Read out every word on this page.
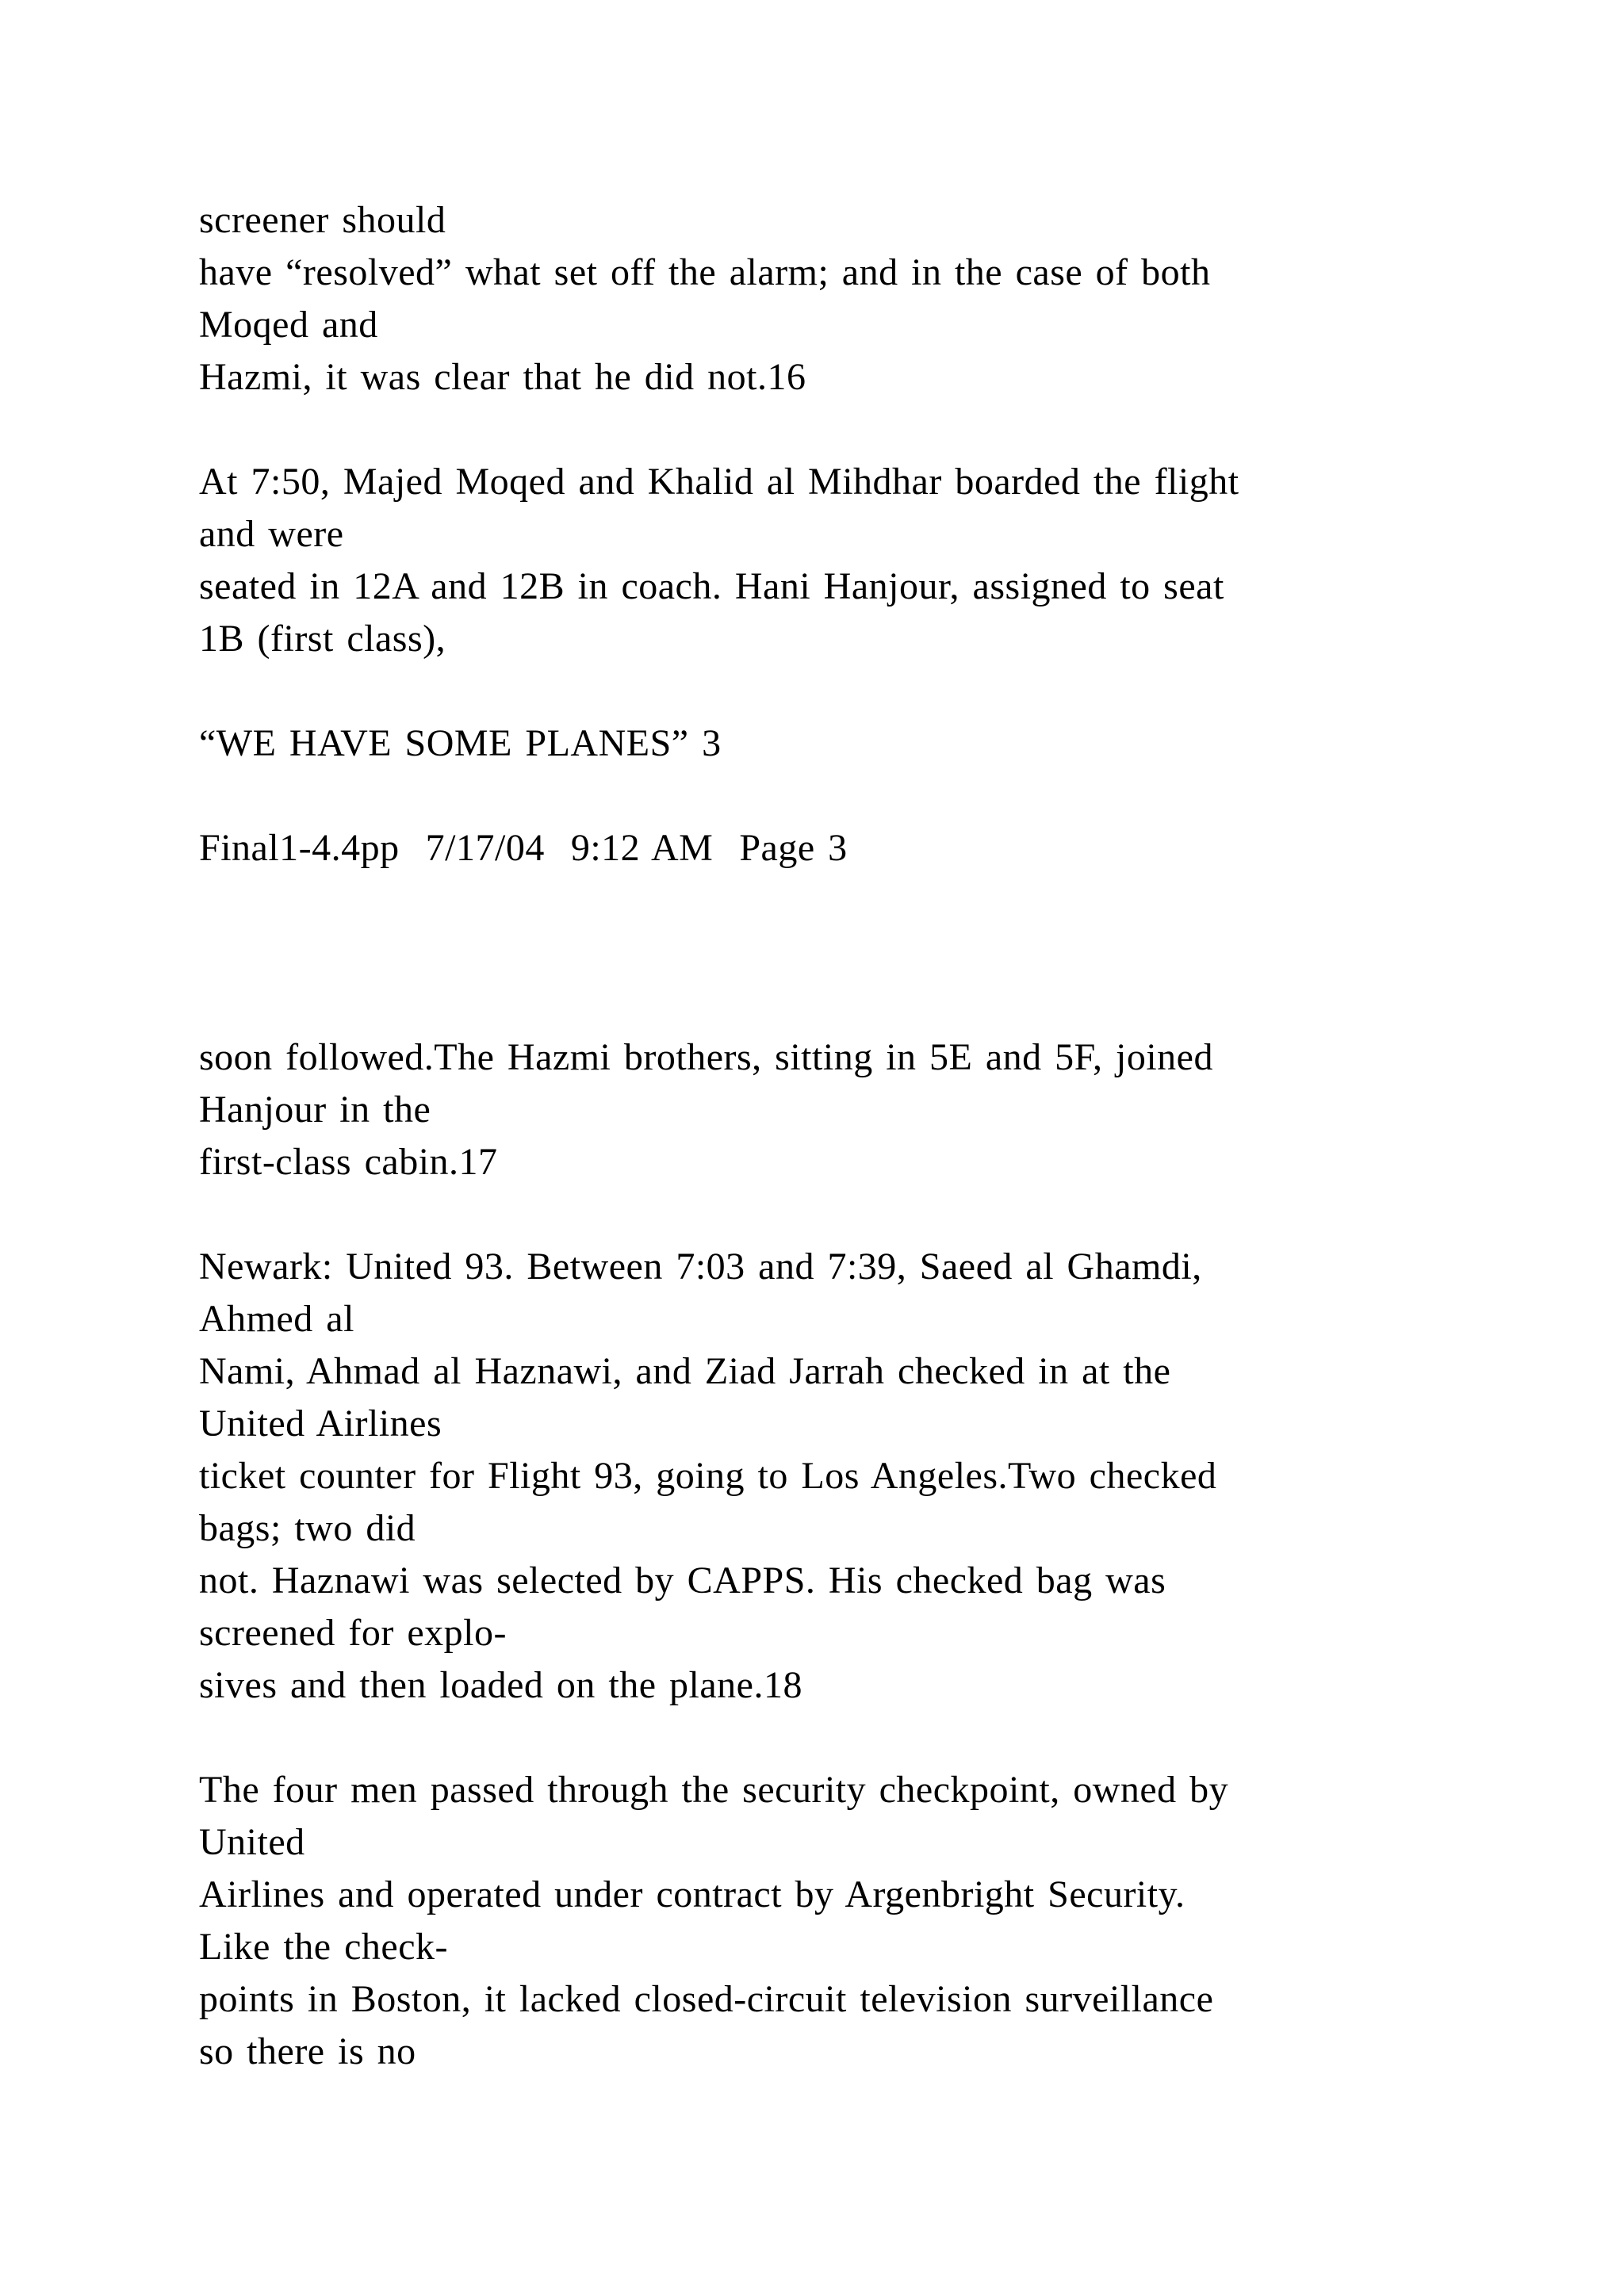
screener should

have “resolved” what set off the alarm; and in the case of both

Moqed and

Hazmi, it was clear that he did not.16

At 7:50, Majed Moqed and Khalid al Mihdhar boarded the flight

and were

seated in 12A and 12B in coach. Hani Hanjour, assigned to seat

1B (first class),

“WE HAVE SOME PLANES” 3

Final1-4.4pp  7/17/04  9:12 AM  Page 3

soon followed.The Hazmi brothers, sitting in 5E and 5F, joined

Hanjour in the

first-class cabin.17

Newark: United 93. Between 7:03 and 7:39, Saeed al Ghamdi,

Ahmed al

Nami, Ahmad al Haznawi, and Ziad Jarrah checked in at the

United Airlines

ticket counter for Flight 93, going to Los Angeles.Two checked

bags; two did

not. Haznawi was selected by CAPPS. His checked bag was

screened for explo-

sives and then loaded on the plane.18

The four men passed through the security checkpoint, owned by

United

Airlines and operated under contract by Argenbright Security.

Like the check-

points in Boston, it lacked closed-circuit television surveillance

so there is no
